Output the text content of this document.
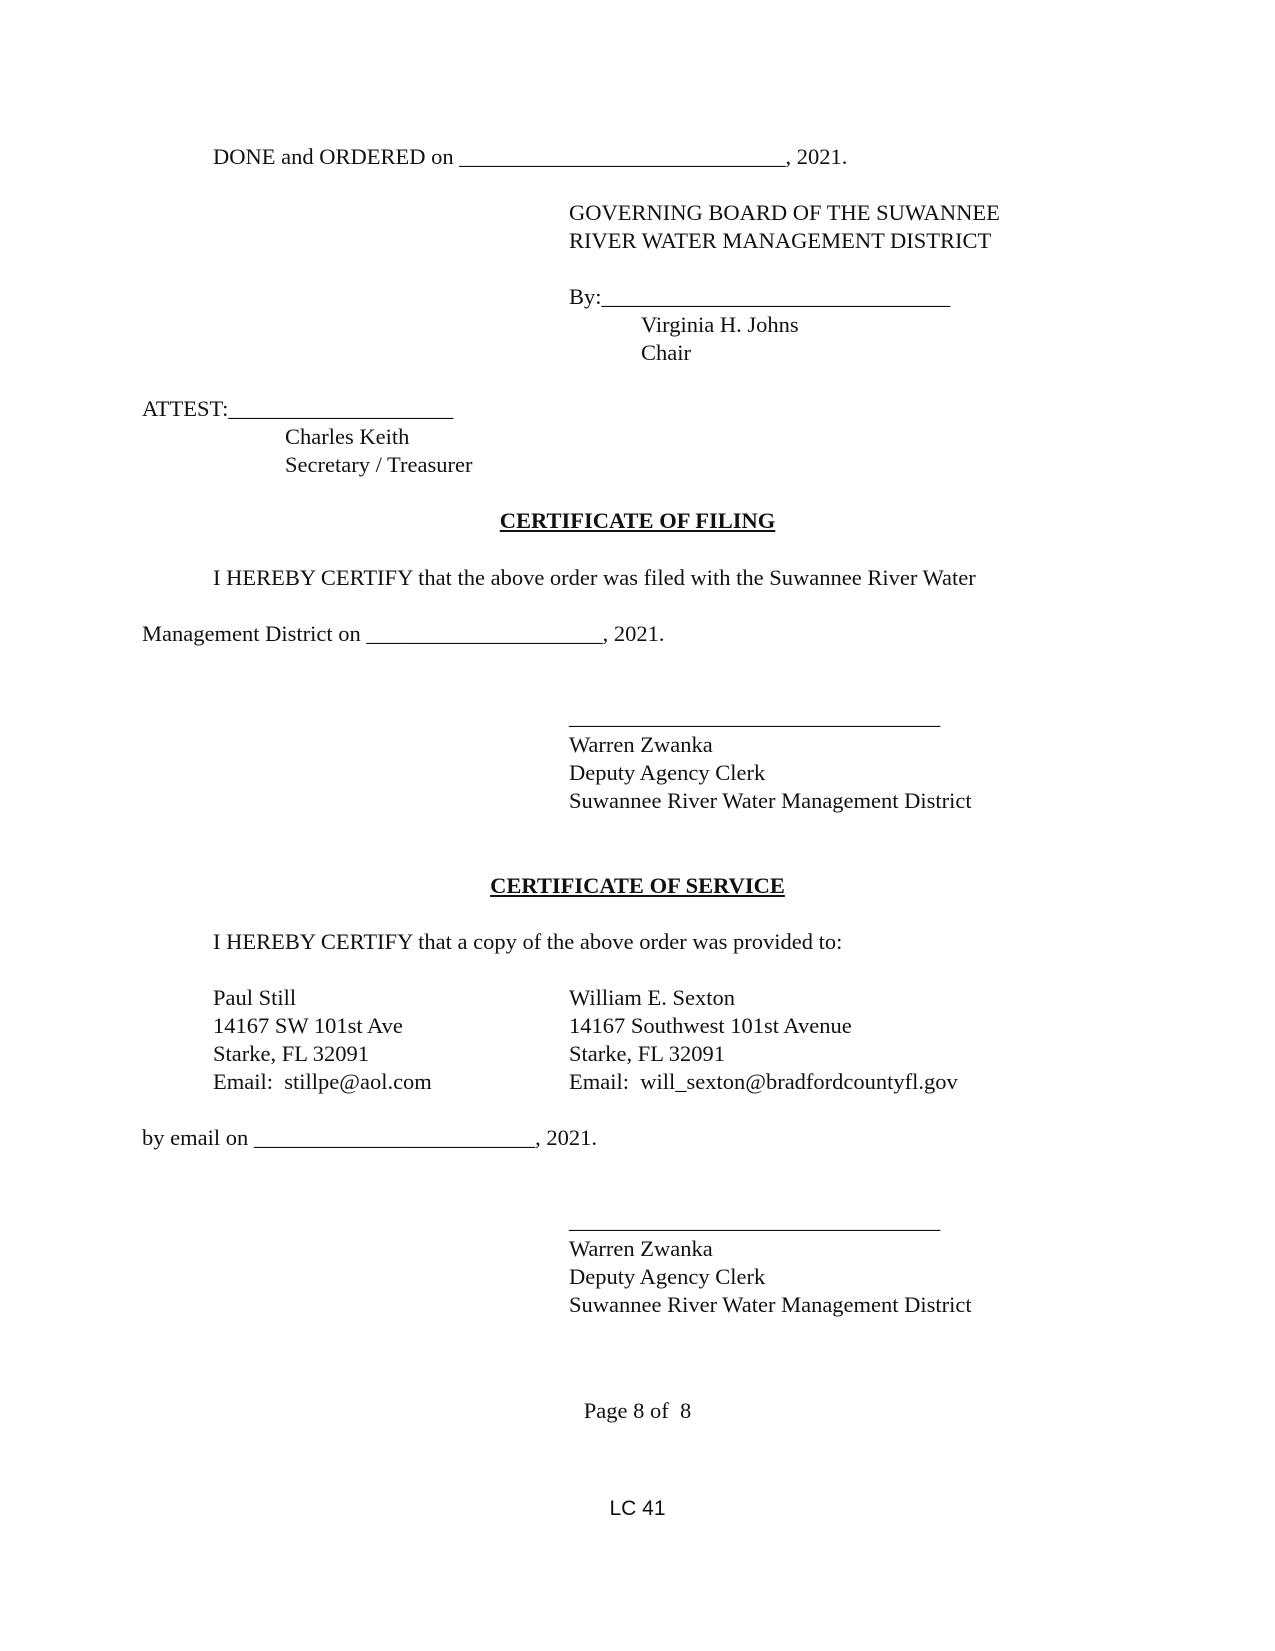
DONE and ORDERED on _____________________________, 2021.

GOVERNING BOARD OF THE SUWANNEE

RIVER WATER MANAGEMENT DISTRICT

By:_______________________________

Virginia H. Johns

Chair

ATTEST:____________________

Charles Keith

Secretary / Treasurer

CERTIFICATE OF FILING

I HEREBY CERTIFY that the above order was filed with the Suwannee River Water

Management District on _____________________, 2021.

_________________________________

Warren Zwanka

Deputy Agency Clerk

Suwannee River Water Management District

CERTIFICATE OF SERVICE

I HEREBY CERTIFY that a copy of the above order was provided to:

Paul Still

14167 SW 101st Ave

Starke, FL 32091

Email:  stillpe@aol.com

William E. Sexton

14167 Southwest 101st Avenue

Starke, FL 32091

Email:  will_sexton@bradfordcountyfl.gov

by email on _________________________, 2021.

_________________________________

Warren Zwanka

Deputy Agency Clerk

Suwannee River Water Management District

Page 8 of  8

LC 41
